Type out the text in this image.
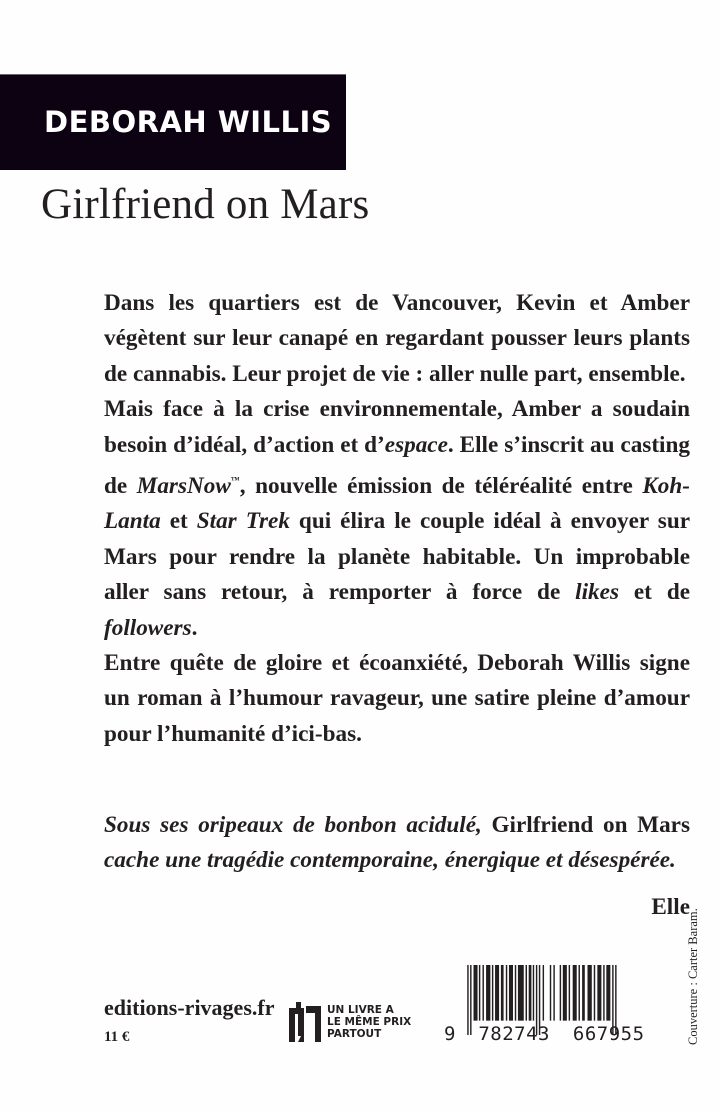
DEBORAH WILLIS
Girlfriend on Mars

Dans les quartiers est de Vancouver, Kevin et Amber végètent sur leur canapé en regardant pousser leurs plants de cannabis. Leur projet de vie : aller nulle part, ensemble.

Mais face à la crise environnementale, Amber a soudain besoin d’idéal, d’action et d’espace. Elle s’inscrit au casting de MarsNow™, nouvelle émission de téléréalité entre Koh-Lanta et Star Trek qui élira le couple idéal à envoyer sur Mars pour rendre la planète habitable. Un improbable aller sans retour, à remporter à force de likes et de followers.

Entre quête de gloire et écoanxiété, Deborah Willis signe un roman à l’humour ravageur, une satire pleine d’amour pour l’humanité d’ici-bas.

Sous ses oripeaux de bonbon acidulé, Girlfriend on Mars cache une tragédie contemporaine, énergique et désespérée.

Elle
editions-rivages.fr
11 €
UN LIVRE A
LE MÊME PRIX
PARTOUT	9 782743 667955	Couverture : Carter Baram.
